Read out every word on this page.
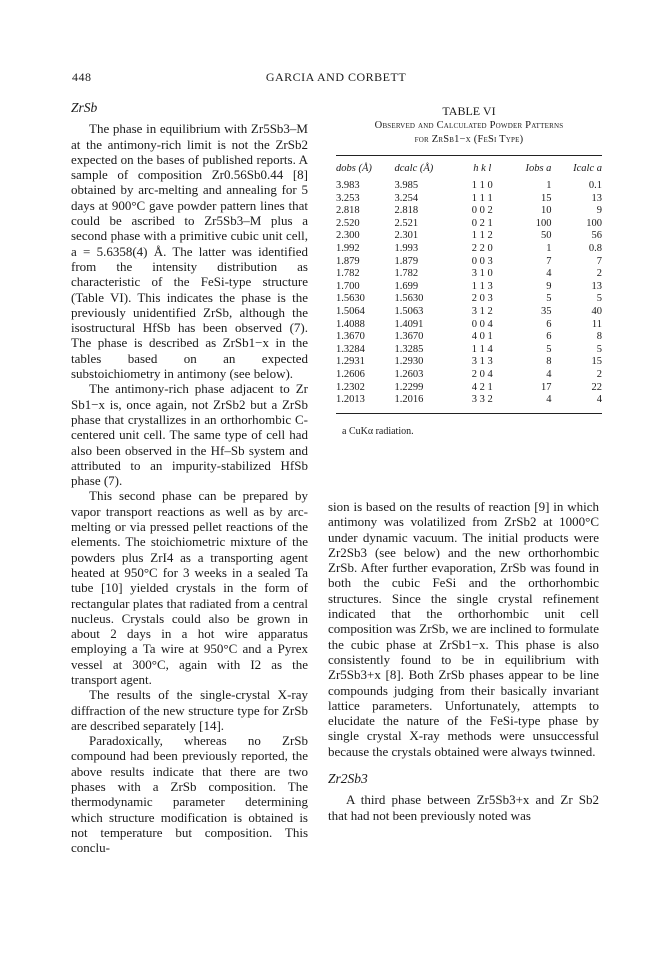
448	GARCIA AND CORBETT
ZrSb

The phase in equilibrium with Zr5Sb3–M at the antimony-rich limit is not the ZrSb2 expected on the bases of published reports. A sample of composition Zr0.56Sb0.44 [8] obtained by arc-melting and annealing for 5 days at 900°C gave powder pattern lines that could be ascribed to Zr5Sb3–M plus a second phase with a primitive cubic unit cell, a = 5.6358(4) Å. The latter was identified from the intensity distribution as characteristic of the FeSi-type structure (Table VI). This indicates the phase is the previously unidentified ZrSb, although the isostructural HfSb has been observed (7). The phase is described as ZrSb1−x in the tables based on an expected substoichiometry in antimony (see below).

The antimony-rich phase adjacent to Zr Sb1−x is, once again, not ZrSb2 but a ZrSb phase that crystallizes in an orthorhombic C-centered unit cell. The same type of cell had also been observed in the Hf–Sb system and attributed to an impurity-stabilized HfSb phase (7).

This second phase can be prepared by vapor transport reactions as well as by arc-melting or via pressed pellet reactions of the elements. The stoichiometric mixture of the powders plus ZrI4 as a transporting agent heated at 950°C for 3 weeks in a sealed Ta tube [10] yielded crystals in the form of rectangular plates that radiated from a central nucleus. Crystals could also be grown in about 2 days in a hot wire apparatus employing a Ta wire at 950°C and a Pyrex vessel at 300°C, again with I2 as the transport agent.

The results of the single-crystal X-ray diffraction of the new structure type for ZrSb are described separately [14].

Paradoxically, whereas no ZrSb compound had been previously reported, the above results indicate that there are two phases with a ZrSb composition. The thermodynamic parameter determining which structure modification is obtained is not temperature but composition. This conclu-

TABLE VI
Observed and Calculated Powder Patterns
for ZrSb1−x (FeSi Type)
dobs (Å)	dcalc (Å)	h k l	Iobs a	Icalc a
3.983	3.985	1 1 0	1	0.1
3.253	3.254	1 1 1	15	13
2.818	2.818	0 0 2	10	9
2.520	2.521	0 2 1	100	100
2.300	2.301	1 1 2	50	56
1.992	1.993	2 2 0	1	0.8
1.879	1.879	0 0 3	7	7
1.782	1.782	3 1 0	4	2
1.700	1.699	1 1 3	9	13
1.5630	1.5630	2 0 3	5	5
1.5064	1.5063	3 1 2	35	40
1.4088	1.4091	0 0 4	6	11
1.3670	1.3670	4 0 1	6	8
1.3284	1.3285	1 1 4	5	5
1.2931	1.2930	3 1 3	8	15
1.2606	1.2603	2 0 4	4	2
1.2302	1.2299	4 2 1	17	22
1.2013	1.2016	3 3 2	4	4
a CuKα radiation.

sion is based on the results of reaction [9] in which antimony was volatilized from ZrSb2 at 1000°C under dynamic vacuum. The initial products were Zr2Sb3 (see below) and the new orthorhombic ZrSb. After further evaporation, ZrSb was found in both the cubic FeSi and the orthorhombic structures. Since the single crystal refinement indicated that the orthorhombic unit cell composition was ZrSb, we are inclined to formulate the cubic phase at ZrSb1−x. This phase is also consistently found to be in equilibrium with Zr5Sb3+x [8]. Both ZrSb phases appear to be line compounds judging from their basically invariant lattice parameters. Unfortunately, attempts to elucidate the nature of the FeSi-type phase by single crystal X-ray methods were unsuccessful because the crystals obtained were always twinned.

Zr2Sb3

A third phase between Zr5Sb3+x and Zr Sb2 that had not been previously noted was
